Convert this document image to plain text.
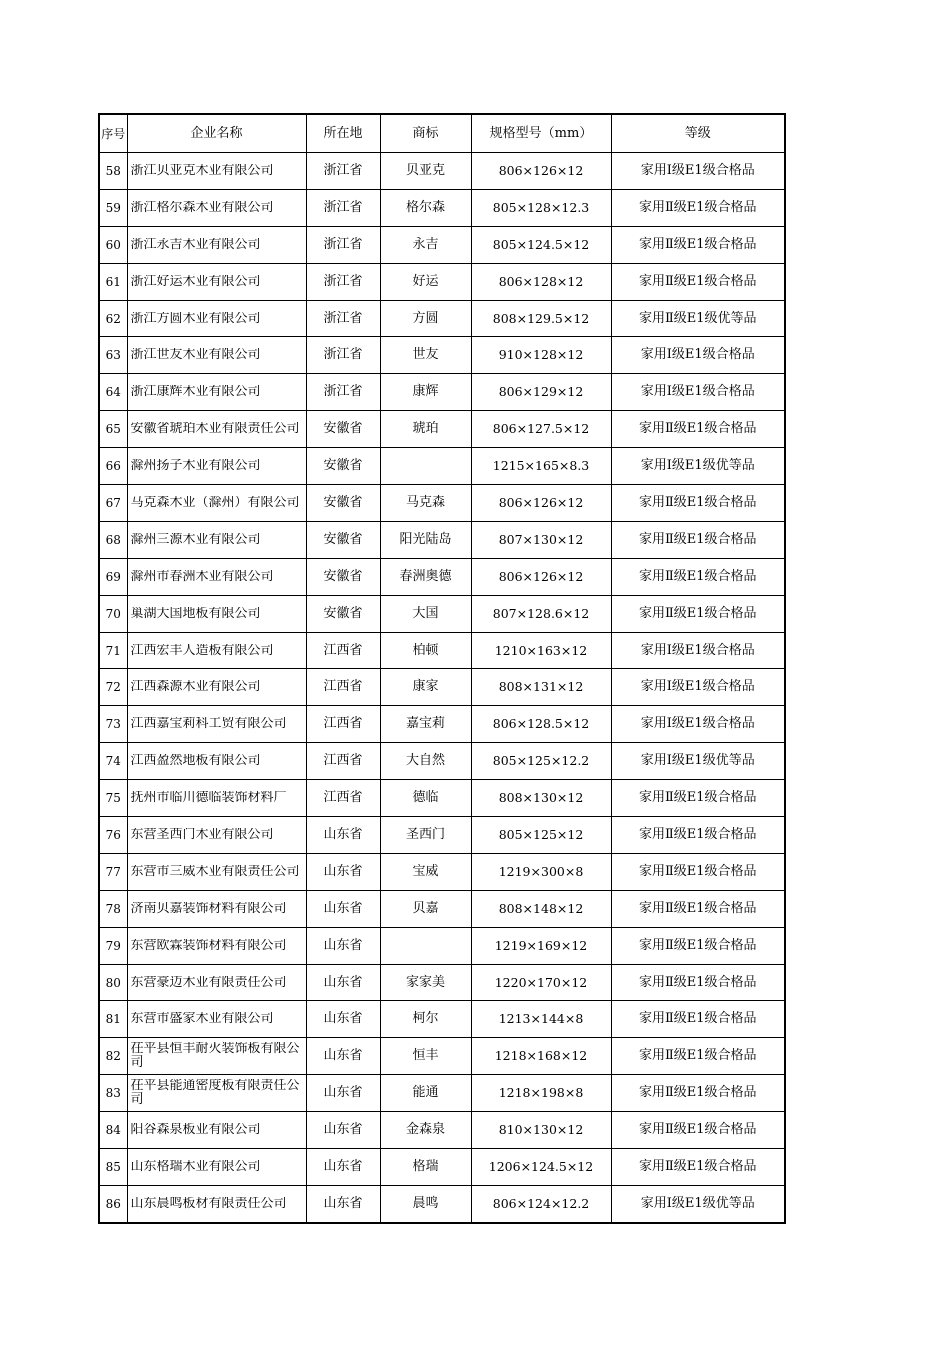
序号	企业名称	所在地	商标	规格型号（mm）	等级
58	浙江贝亚克木业有限公司	浙江省	贝亚克	806×126×12	家用Ⅰ级E1级合格品
59	浙江格尔森木业有限公司	浙江省	格尔森	805×128×12.3	家用Ⅱ级E1级合格品
60	浙江永吉木业有限公司	浙江省	永吉	805×124.5×12	家用Ⅱ级E1级合格品
61	浙江好运木业有限公司	浙江省	好运	806×128×12	家用Ⅱ级E1级合格品
62	浙江方圆木业有限公司	浙江省	方圆	808×129.5×12	家用Ⅱ级E1级优等品
63	浙江世友木业有限公司	浙江省	世友	910×128×12	家用Ⅰ级E1级合格品
64	浙江康辉木业有限公司	浙江省	康辉	806×129×12	家用Ⅰ级E1级合格品
65	安徽省琥珀木业有限责任公司	安徽省	琥珀	806×127.5×12	家用Ⅱ级E1级合格品
66	滁州扬子木业有限公司	安徽省		1215×165×8.3	家用Ⅰ级E1级优等品
67	马克森木业（滁州）有限公司	安徽省	马克森	806×126×12	家用Ⅱ级E1级合格品
68	滁州三源木业有限公司	安徽省	阳光陆岛	807×130×12	家用Ⅱ级E1级合格品
69	滁州市春洲木业有限公司	安徽省	春洲奥德	806×126×12	家用Ⅱ级E1级合格品
70	巢湖大国地板有限公司	安徽省	大国	807×128.6×12	家用Ⅱ级E1级合格品
71	江西宏丰人造板有限公司	江西省	柏顿	1210×163×12	家用Ⅰ级E1级合格品
72	江西森源木业有限公司	江西省	康家	808×131×12	家用Ⅰ级E1级合格品
73	江西嘉宝莉科工贸有限公司	江西省	嘉宝莉	806×128.5×12	家用Ⅰ级E1级合格品
74	江西盈然地板有限公司	江西省	大自然	805×125×12.2	家用Ⅰ级E1级优等品
75	抚州市临川德临装饰材料厂	江西省	德临	808×130×12	家用Ⅱ级E1级合格品
76	东营圣西门木业有限公司	山东省	圣西门	805×125×12	家用Ⅱ级E1级合格品
77	东营市三威木业有限责任公司	山东省	宝威	1219×300×8	家用Ⅱ级E1级合格品
78	济南贝嘉装饰材料有限公司	山东省	贝嘉	808×148×12	家用Ⅱ级E1级合格品
79	东营欧霖装饰材料有限公司	山东省		1219×169×12	家用Ⅱ级E1级合格品
80	东营豪迈木业有限责任公司	山东省	家家美	1220×170×12	家用Ⅱ级E1级合格品
81	东营市盛家木业有限公司	山东省	柯尔	1213×144×8	家用Ⅱ级E1级合格品
82	茌平县恒丰耐火装饰板有限公司	山东省	恒丰	1218×168×12	家用Ⅱ级E1级合格品
83	茌平县能通密度板有限责任公司	山东省	能通	1218×198×8	家用Ⅱ级E1级合格品
84	阳谷森泉板业有限公司	山东省	金森泉	810×130×12	家用Ⅱ级E1级合格品
85	山东格瑞木业有限公司	山东省	格瑞	1206×124.5×12	家用Ⅱ级E1级合格品
86	山东晨鸣板材有限责任公司	山东省	晨鸣	806×124×12.2	家用Ⅰ级E1级优等品
